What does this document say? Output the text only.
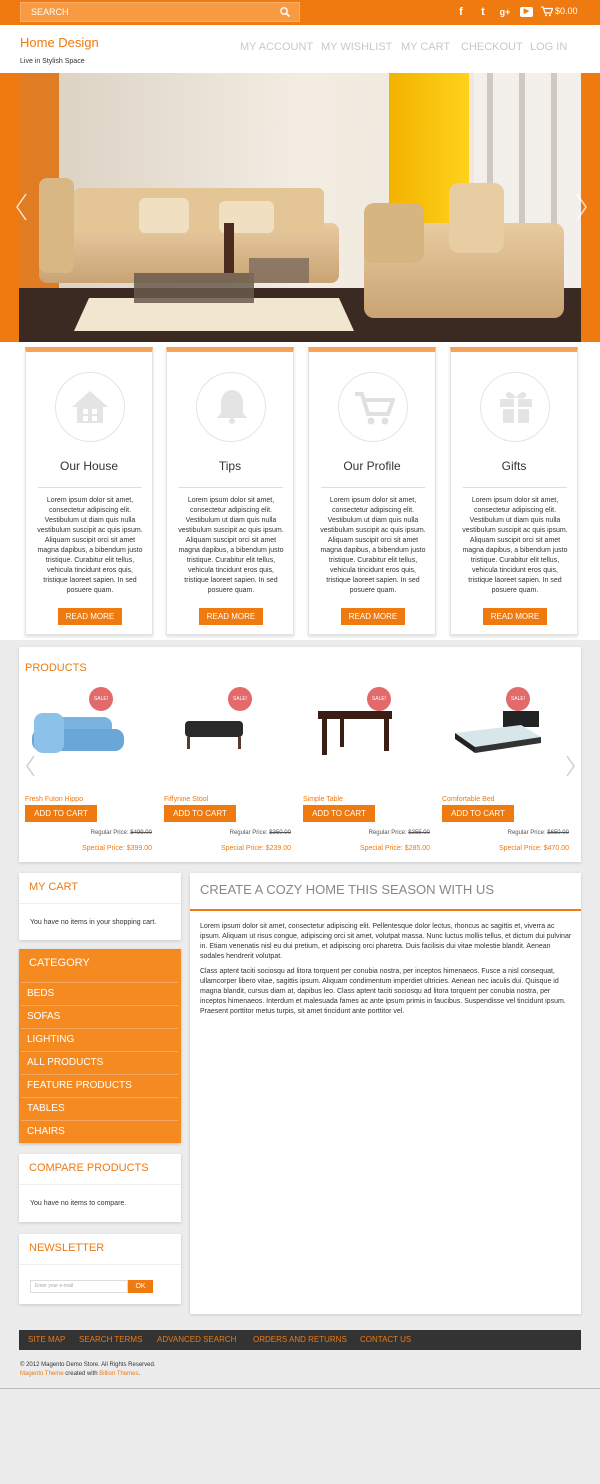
SEARCH	f	t	g+	▶	$0.00
Home Design
Live in Stylish Space
MY ACCOUNT MY WISHLIST MY CART CHECKOUT LOG IN
Our House
Lorem ipsum dolor sit amet, consectetur adipiscing elit. Vestibulum ut diam quis nulla vestibulum suscipit ac quis ipsum. Aliquam suscipit orci sit amet magna dapibus, a bibendum justo tristique. Curabitur elit tellus, vehicula tincidunt eros quis, tristique laoreet sapien. In sed posuere quam.
READ MORE
Tips
Lorem ipsum dolor sit amet, consectetur adipiscing elit. Vestibulum ut diam quis nulla vestibulum suscipit ac quis ipsum. Aliquam suscipit orci sit amet magna dapibus, a bibendum justo tristique. Curabitur elit tellus, vehicula tincidunt eros quis, tristique laoreet sapien. In sed posuere quam.
READ MORE
Our Profile
Lorem ipsum dolor sit amet, consectetur adipiscing elit. Vestibulum ut diam quis nulla vestibulum suscipit ac quis ipsum. Aliquam suscipit orci sit amet magna dapibus, a bibendum justo tristique. Curabitur elit tellus, vehicula tincidunt eros quis, tristique laoreet sapien. In sed posuere quam.
READ MORE
Gifts
Lorem ipsum dolor sit amet, consectetur adipiscing elit. Vestibulum ut diam quis nulla vestibulum suscipit ac quis ipsum. Aliquam suscipit orci sit amet magna dapibus, a bibendum justo tristique. Curabitur elit tellus, vehicula tincidunt eros quis, tristique laoreet sapien. In sed posuere quam.
READ MORE
PRODUCTS
SALE!
Fresh Futon Hippo
ADD TO CART
Regular Price: $499.00
Special Price: $399.00
SALE!
Fiffynine Stool
ADD TO CART
Regular Price: $350.00
Special Price: $239.00
SALE!
Simple Table
ADD TO CART
Regular Price: $355.00
Special Price: $285.00
SALE!
Comfortable Bed
ADD TO CART
Regular Price: $650.00
Special Price: $470.00
MY CART
You have no items in your shopping cart.
CATEGORY
BEDS
SOFAS
LIGHTING
ALL PRODUCTS
FEATURE PRODUCTS
TABLES
CHAIRS
COMPARE PRODUCTS
You have no items to compare.
NEWSLETTER
Enter your e-mail	OK
CREATE A COZY HOME THIS SEASON WITH US

Lorem ipsum dolor sit amet, consectetur adipiscing elit. Pellentesque dolor lectus, rhoncus ac sagittis et, viverra ac ipsum. Aliquam ut risus congue, adipiscing orci sit amet, volutpat massa. Nunc luctus mollis tellus, et dictum dui pulvinar in. Etiam venenatis nisl eu dui pretium, et adipiscing orci pharetra. Duis facilisis dui vitae molestie blandit. Aenean sodales hendrerit volutpat.

Class aptent taciti sociosqu ad litora torquent per conubia nostra, per inceptos himenaeos. Fusce a nisl consequat, ullamcorper libero vitae, sagittis ipsum. Aliquam condimentum imperdiet ultricies. Aenean nec iaculis dui. Quisque id magna blandit, cursus diam at, dapibus leo. Class aptent taciti sociosqu ad litora torquent per conubia nostra, per inceptos himenaeos. Interdum et malesuada fames ac ante ipsum primis in faucibus. Suspendisse vel tincidunt ipsum. Praesent porttitor metus turpis, sit amet tincidunt ante porttitor vel.

SITE MAP SEARCH TERMS ADVANCED SEARCH ORDERS AND RETURNS CONTACT US
© 2012 Magento Demo Store. All Rights Reserved.
Magento Theme created with Billion Themes.
